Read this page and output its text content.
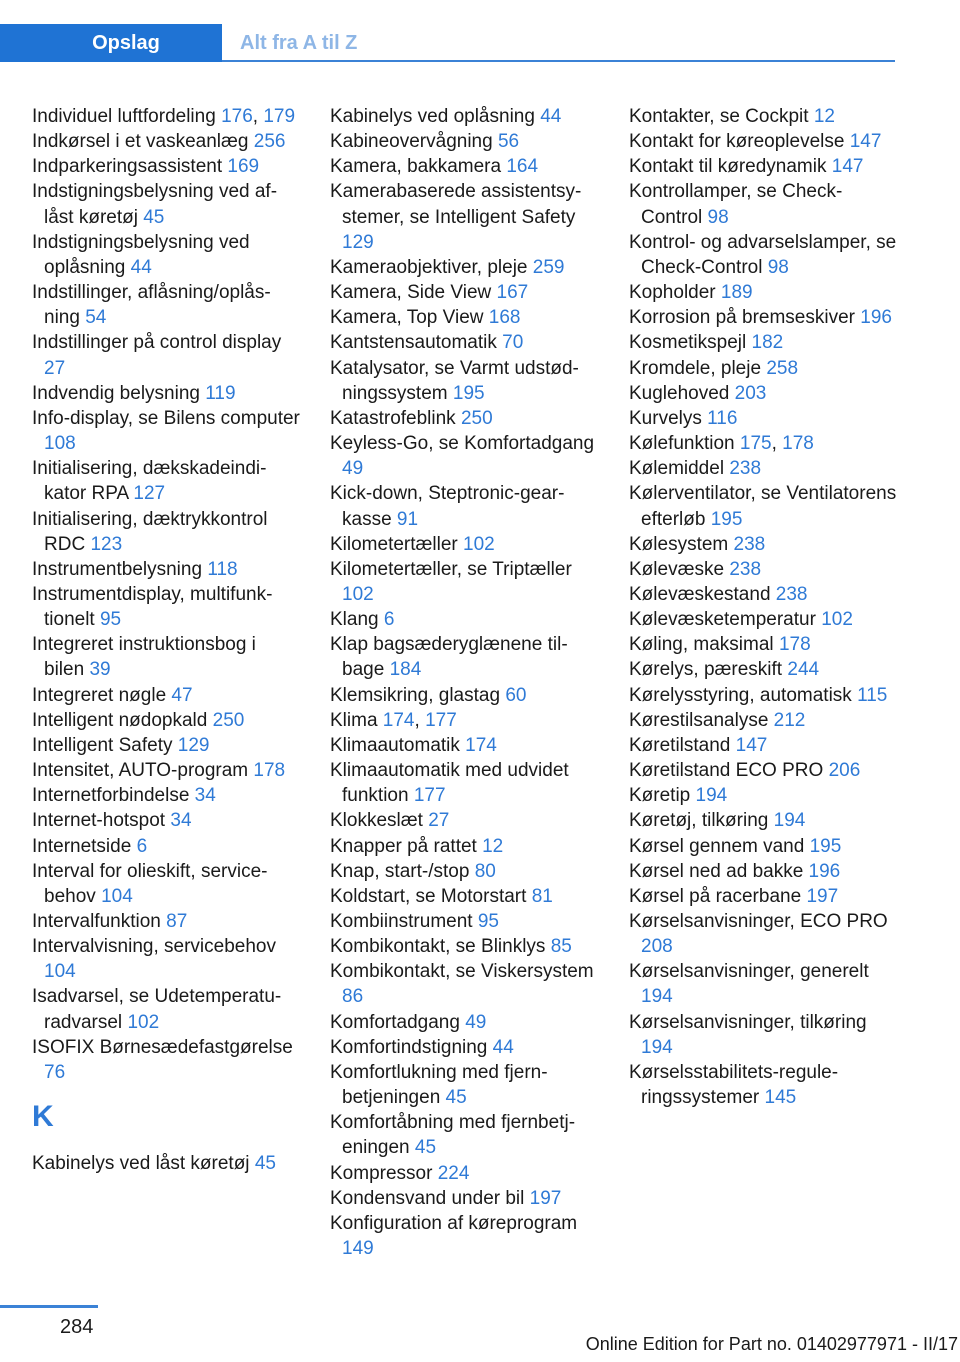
Opslag	Alt fra A til Z
Individuel luftfordeling 176, 179
Indkørsel i et vaskeanlæg 256
Indparkeringsassistent 169
Indstigningsbelysning ved aflåst køretøj 45
Indstigningsbelysning ved oplåsning 44
Indstillinger, aflåsning/oplåsning 54
Indstillinger på control display 27
Indvendig belysning 119
Info-display, se Bilens computer 108
Initialisering, dækskadeindikator RPA 127
Initialisering, dæktrykkontrol RDC 123
Instrumentbelysning 118
Instrumentdisplay, multifunktionelt 95
Integreret instruktionsbog i bilen 39
Integreret nøgle 47
Intelligent nødopkald 250
Intelligent Safety 129
Intensitet, AUTO-program 178
Internetforbindelse 34
Internet-hotspot 34
Internetside 6
Interval for olieskift, servicebehov 104
Intervalfunktion 87
Intervalvisning, servicebehov 104
Isadvarsel, se Udetemperaturadvarsel 102
ISOFIX Børnesædefastgørelse 76
K
Kabinelys ved låst køretøj 45
Kabinelys ved oplåsning 44
Kabineovervågning 56
Kamera, bakkamera 164
Kamerabaserede assistentsystemer, se Intelligent Safety 129
Kameraobjektiver, pleje 259
Kamera, Side View 167
Kamera, Top View 168
Kantstensautomatik 70
Katalysator, se Varmt udstødningssystem 195
Katastrofeblink 250
Keyless-Go, se Komfortadgang 49
Kick-down, Steptronic-gearkasse 91
Kilometertæller 102
Kilometertæller, se Triptæller 102
Klang 6
Klap bagsæderyglænene tilbage 184
Klemsikring, glastag 60
Klima 174, 177
Klimaautomatik 174
Klimaautomatik med udvidet funktion 177
Klokkeslæt 27
Knapper på rattet 12
Knap, start-/stop 80
Koldstart, se Motorstart 81
Kombiinstrument 95
Kombikontakt, se Blinklys 85
Kombikontakt, se Viskersystem 86
Komfortadgang 49
Komfortindstigning 44
Komfortlukning med fjernbetjeningen 45
Komfortåbning med fjernbetjeningen 45
Kompressor 224
Kondensvand under bil 197
Konfiguration af køreprogram 149
Kontakter, se Cockpit 12
Kontakt for køreoplevelse 147
Kontakt til køredynamik 147
Kontrollamper, se Check-Control 98
Kontrol- og advarselslamper, se Check-Control 98
Kopholder 189
Korrosion på bremseskiver 196
Kosmetikspejl 182
Kromdele, pleje 258
Kuglehoved 203
Kurvelys 116
Kølefunktion 175, 178
Kølemiddel 238
Kølerventilator, se Ventilatorens efterløb 195
Kølesystem 238
Kølevæske 238
Kølevæskestand 238
Kølevæsketemperatur 102
Køling, maksimal 178
Kørelys, pæreskift 244
Kørelysstyring, automatisk 115
Kørestilsanalyse 212
Køretilstand 147
Køretilstand ECO PRO 206
Køretip 194
Køretøj, tilkøring 194
Kørsel gennem vand 195
Kørsel ned ad bakke 196
Kørsel på racerbane 197
Kørselsanvisninger, ECO PRO 208
Kørselsanvisninger, generelt 194
Kørselsanvisninger, tilkøring 194
Kørselsstabilitets-reguleringssystemer 145
284
Online Edition for Part no. 01402977971 - II/17
